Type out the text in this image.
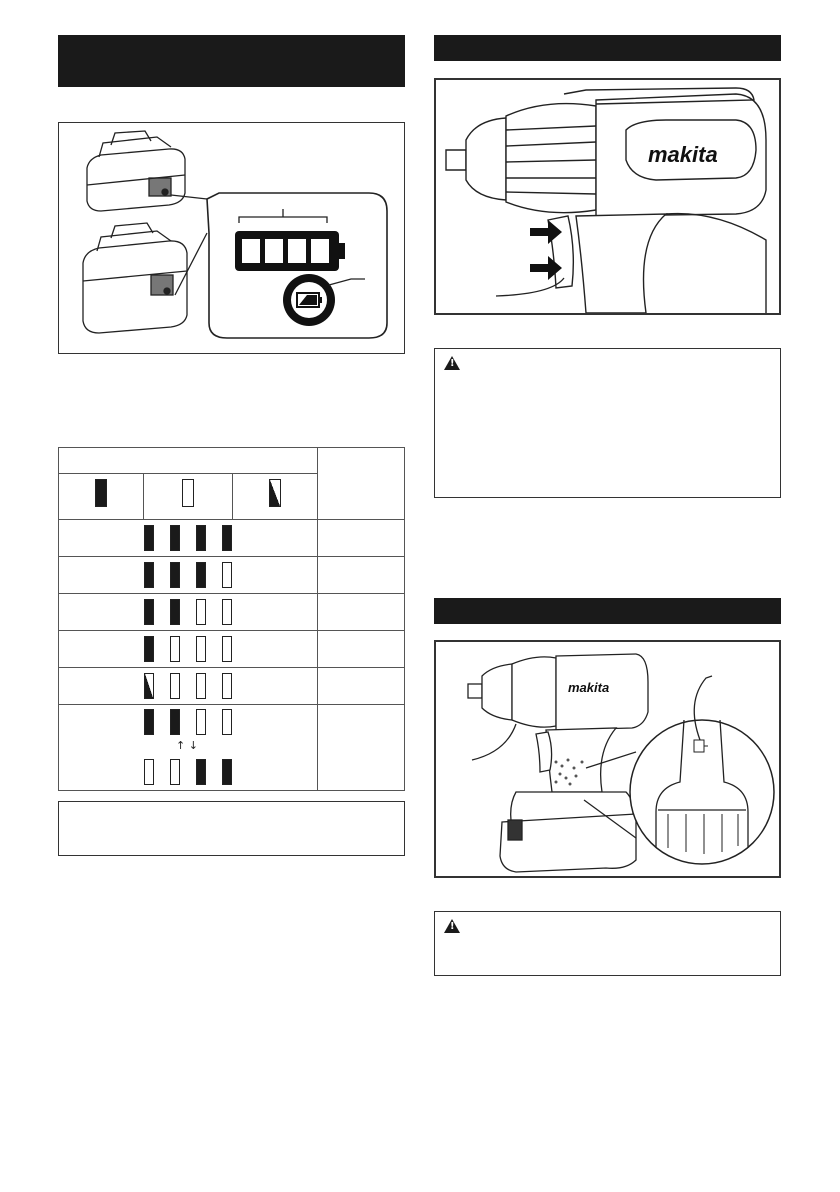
↑ ↓			

makita
!
makita
!
